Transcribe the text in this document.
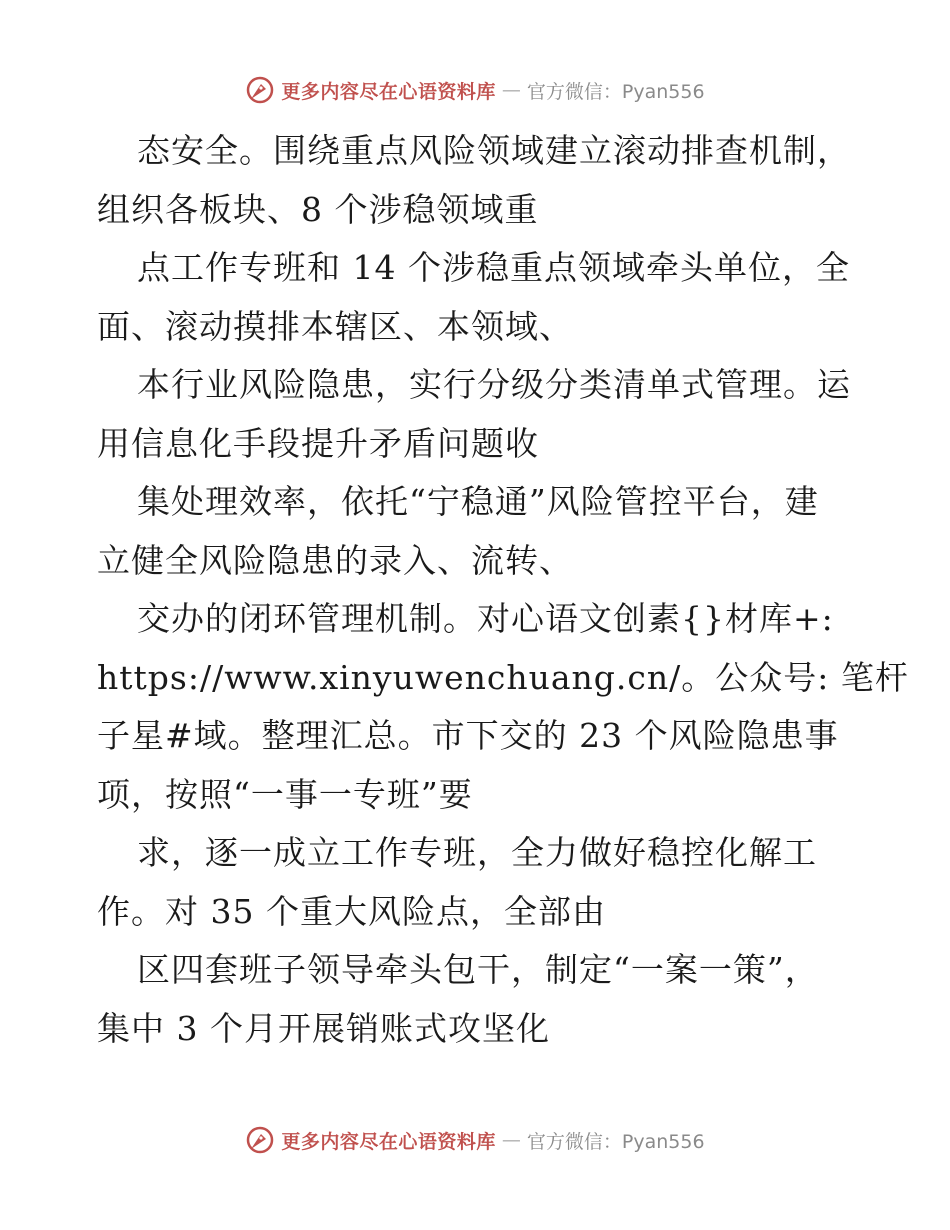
更多内容尽在心语资料库 — 官方微信：Pyan556
态安全。围绕重点风险领域建立滚动排查机制，
组织各板块、8 个涉稳领域重
点工作专班和 14 个涉稳重点领域牵头单位，全
面、滚动摸排本辖区、本领域、
本行业风险隐患，实行分级分类清单式管理。运
用信息化手段提升矛盾问题收
集处理效率，依托“宁稳通”风险管控平台，建
立健全风险隐患的录入、流转、
交办的闭环管理机制。对心语文创素{}材库+:
https://www.xinyuwenchuang.cn/。公众号: 笔杆
子星#域。整理汇总。市下交的 23 个风险隐患事
项，按照“一事一专班”要
求，逐一成立工作专班，全力做好稳控化解工
作。对 35 个重大风险点，全部由
区四套班子领导牵头包干，制定“一案一策”，
集中 3 个月开展销账式攻坚化
更多内容尽在心语资料库 — 官方微信：Pyan556
